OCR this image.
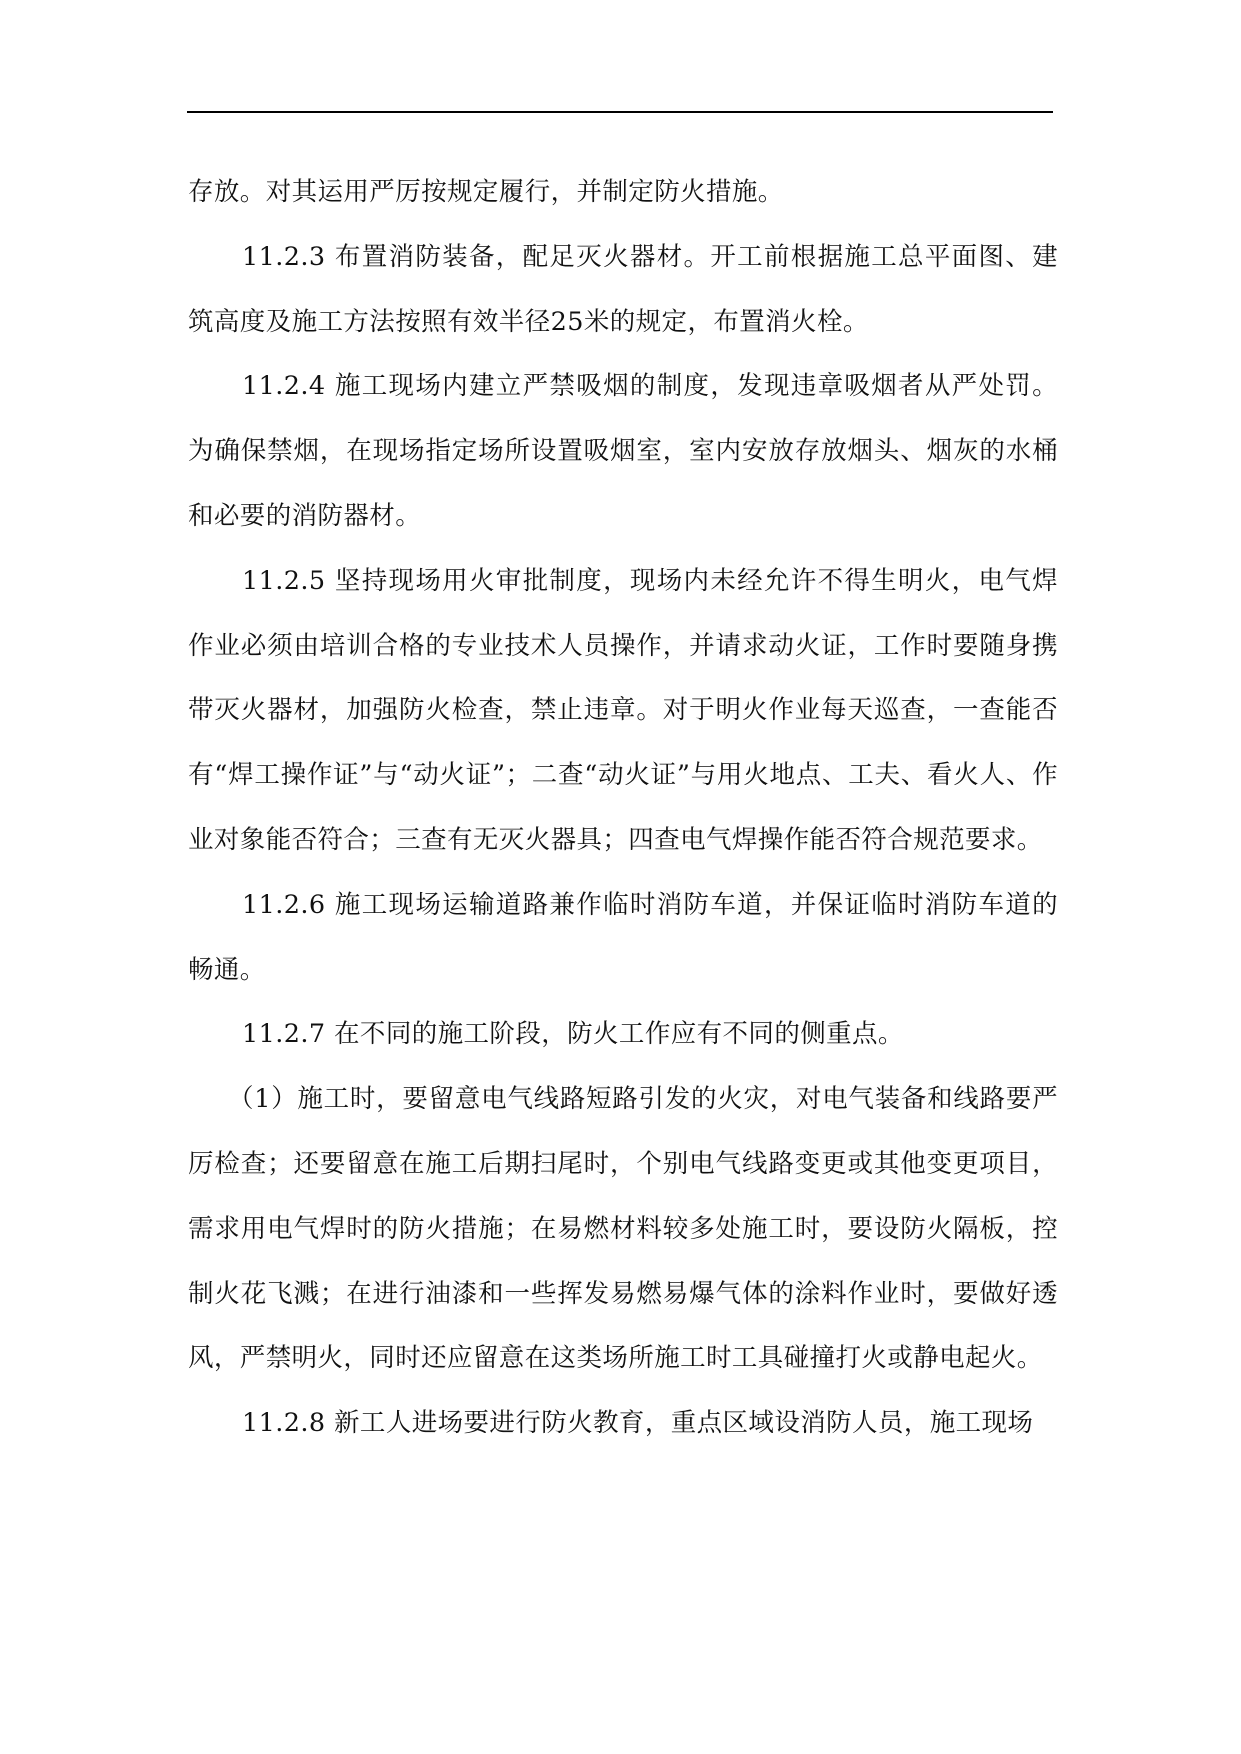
存放。对其运用严厉按规定履行，并制定防火措施。

11.2.3 布置消防装备，配足灭火器材。开工前根据施工总平面图、建筑高度及施工方法按照有效半径25米的规定，布置消火栓。

11.2.4 施工现场内建立严禁吸烟的制度，发现违章吸烟者从严处罚。为确保禁烟，在现场指定场所设置吸烟室，室内安放存放烟头、烟灰的水桶和必要的消防器材。

11.2.5 坚持现场用火审批制度，现场内未经允许不得生明火，电气焊作业必须由培训合格的专业技术人员操作，并请求动火证，工作时要随身携带灭火器材，加强防火检查，禁止违章。对于明火作业每天巡查，一查能否有“焊工操作证”与“动火证”；二查“动火证”与用火地点、工夫、看火人、作业对象能否符合；三查有无灭火器具；四查电气焊操作能否符合规范要求。

11.2.6 施工现场运输道路兼作临时消防车道，并保证临时消防车道的畅通。

11.2.7 在不同的施工阶段，防火工作应有不同的侧重点。

（1）施工时，要留意电气线路短路引发的火灾，对电气装备和线路要严厉检查；还要留意在施工后期扫尾时，个别电气线路变更或其他变更项目，需求用电气焊时的防火措施；在易燃材料较多处施工时，要设防火隔板，控制火花飞溅；在进行油漆和一些挥发易燃易爆气体的涂料作业时，要做好透风，严禁明火，同时还应留意在这类场所施工时工具碰撞打火或静电起火。

11.2.8 新工人进场要进行防火教育，重点区域设消防人员，施工现场
